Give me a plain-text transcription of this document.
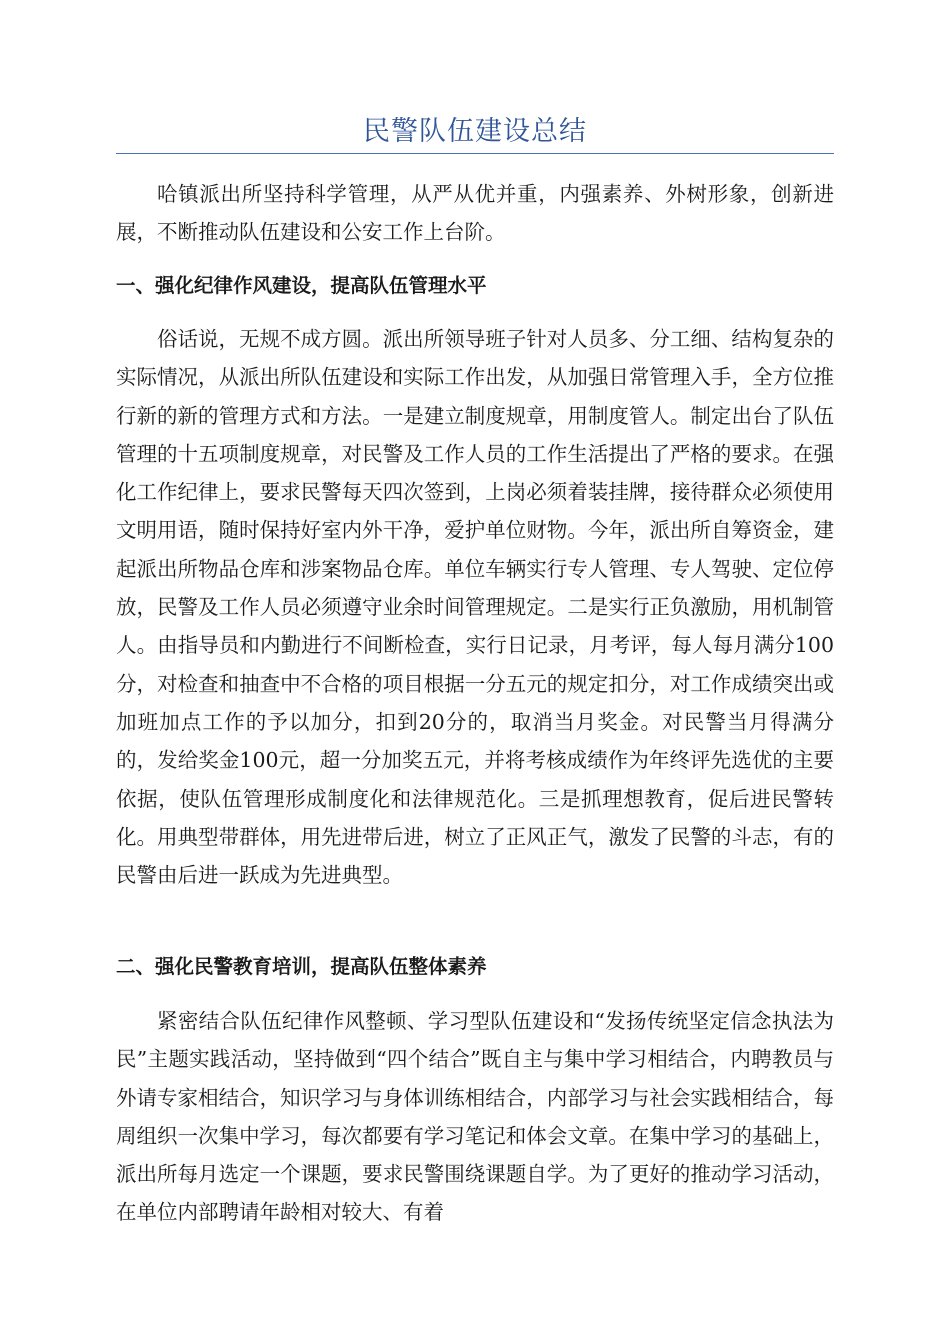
民警队伍建设总结

哈镇派出所坚持科学管理，从严从优并重，内强素养、外树形象，创新进展，不断推动队伍建设和公安工作上台阶。

一、强化纪律作风建设，提高队伍管理水平

俗话说，无规不成方圆。派出所领导班子针对人员多、分工细、结构复杂的实际情况，从派出所队伍建设和实际工作出发，从加强日常管理入手，全方位推行新的新的管理方式和方法。一是建立制度规章，用制度管人。制定出台了队伍管理的十五项制度规章，对民警及工作人员的工作生活提出了严格的要求。在强化工作纪律上，要求民警每天四次签到，上岗必须着装挂牌，接待群众必须使用文明用语，随时保持好室内外干净，爱护单位财物。今年，派出所自筹资金，建起派出所物品仓库和涉案物品仓库。单位车辆实行专人管理、专人驾驶、定位停放，民警及工作人员必须遵守业余时间管理规定。二是实行正负激励，用机制管人。由指导员和内勤进行不间断检查，实行日记录，月考评，每人每月满分100分，对检查和抽查中不合格的项目根据一分五元的规定扣分，对工作成绩突出或加班加点工作的予以加分，扣到20分的，取消当月奖金。对民警当月得满分的，发给奖金100元，超一分加奖五元，并将考核成绩作为年终评先选优的主要依据，使队伍管理形成制度化和法律规范化。三是抓理想教育，促后进民警转化。用典型带群体，用先进带后进，树立了正风正气，激发了民警的斗志，有的民警由后进一跃成为先进典型。

二、强化民警教育培训，提高队伍整体素养

紧密结合队伍纪律作风整顿、学习型队伍建设和“发扬传统坚定信念执法为民”主题实践活动，坚持做到“四个结合”既自主与集中学习相结合，内聘教员与外请专家相结合，知识学习与身体训练相结合，内部学习与社会实践相结合，每周组织一次集中学习，每次都要有学习笔记和体会文章。在集中学习的基础上，派出所每月选定一个课题，要求民警围绕课题自学。为了更好的推动学习活动，在单位内部聘请年龄相对较大、有着
